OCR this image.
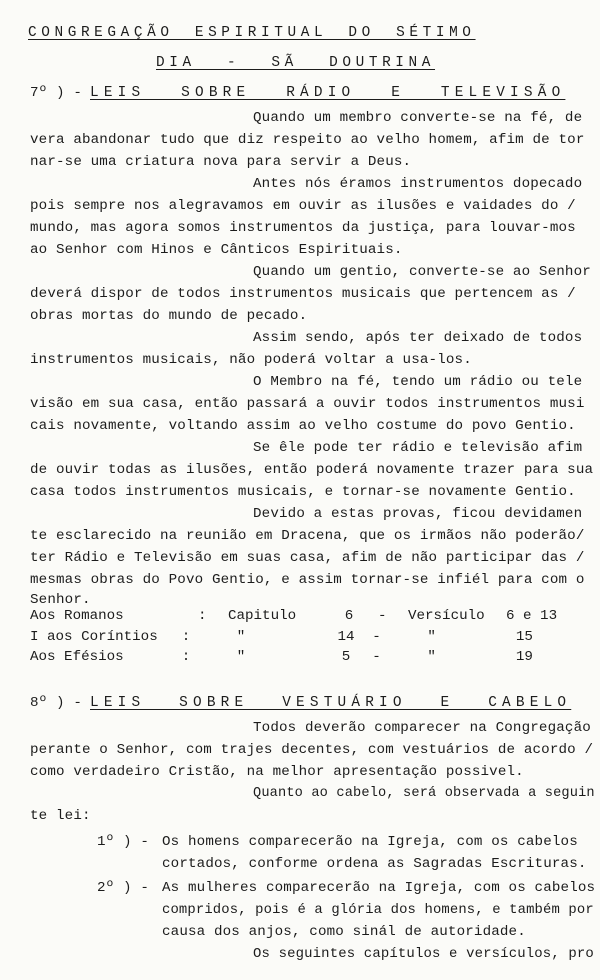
CONGREGAÇÃO ESPIRITUAL DO SÉTIMO
DIA - SÃ DOUTRINA
7º ) - LEIS SOBRE RÁDIO E TELEVISÃO
Quando um membro converte-se na fé, de
vera abandonar tudo que diz respeito ao velho homem, afim de tor
nar-se uma criatura nova para servir a Deus.
Antes nós éramos instrumentos dopecado
pois sempre nos alegravamos em ouvir as ilusões e vaidades do /
mundo, mas agora somos instrumentos da justiça, para louvar-mos
ao Senhor com Hinos e Cânticos Espirituais.
Quando um gentio, converte-se ao Senhor
deverá dispor de todos instrumentos musicais que pertencem as /
obras mortas do mundo de pecado.
Assim sendo, após ter deixado de todos
instrumentos musicais, não poderá voltar a usa-los.
O Membro na fé, tendo um rádio ou tele
visão em sua casa, então passará a ouvir todos instrumentos musi
cais novamente, voltando assim ao velho costume do povo Gentio.
Se êle pode ter rádio e televisão afim
de ouvir todas as ilusões, então poderá novamente trazer para sua
casa todos instrumentos musicais, e tornar-se novamente Gentio.
Devido a estas provas, ficou devidamen
te esclarecido na reunião em Dracena, que os irmãos não poderão/
ter Rádio e Televisão em suas casa, afim de não participar das /
mesmas obras do Povo Gentio, e assim tornar-se infiél para com o
Senhor.
Aos Romanos	:	Capitulo	6	-	Versículo	6 e 13
I aos Coríntios	:	"	14	-	"	15
Aos Efésios	:	"	5	-	"	19
8º ) - LEIS SOBRE VESTUÁRIO E CABELO
Todos deverão comparecer na Congregação
perante o Senhor, com trajes decentes, com vestuários de acordo /
como verdadeiro Cristão, na melhor apresentação possivel.
Quanto ao cabelo, será observada a seguin
te lei:
1º ) - Os homens comparecerão na Igreja, com os cabelos
cortados, conforme ordena as Sagradas Escrituras.
2º ) - As mulheres comparecerão na Igreja, com os cabelos
compridos, pois é a glória dos homens, e também por
causa dos anjos, como sinál de autoridade.
Os seguintes capítulos e versículos, pro
